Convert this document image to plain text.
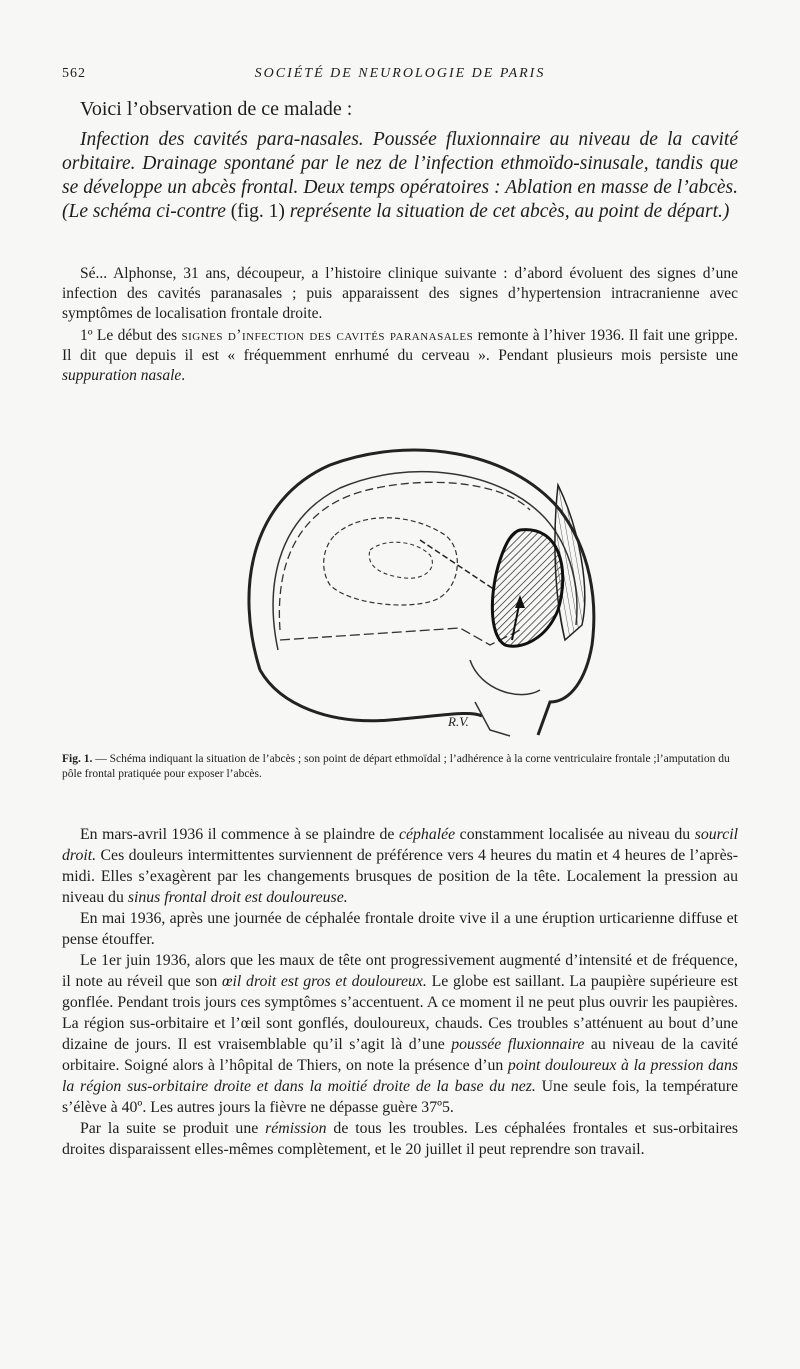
562	SOCIÉTÉ DE NEUROLOGIE DE PARIS
Voici l’observation de ce malade :

Infection des cavités para-nasales. Poussée fluxionnaire au niveau de la cavité orbitaire. Drainage spontané par le nez de l’infection ethmoïdo-sinusale, tandis que se développe un abcès frontal. Deux temps opératoires : Ablation en masse de l’abcès. (Le schéma ci-contre (fig. 1) représente la situation de cet abcès, au point de départ.)

Sé... Alphonse, 31 ans, découpeur, a l’histoire clinique suivante : d’abord évoluent des signes d’une infection des cavités paranasales ; puis apparaissent des signes d’hypertension intracranienne avec symptômes de localisation frontale droite.

1º Le début des signes d’infection des cavités paranasales remonte à l’hiver 1936. Il fait une grippe. Il dit que depuis il est « fréquemment enrhumé du cerveau ». Pendant plusieurs mois persiste une suppuration nasale.

R.V.

Fig. 1. — Schéma indiquant la situation de l’abcès ; son point de départ ethmoïdal ; l’adhérence à la corne ventriculaire frontale ;l’amputation du pôle frontal pratiquée pour exposer l’abcès.

En mars-avril 1936 il commence à se plaindre de céphalée constamment localisée au niveau du sourcil droit. Ces douleurs intermittentes surviennent de préférence vers 4 heures du matin et 4 heures de l’après-midi. Elles s’exagèrent par les changements brusques de position de la tête. Localement la pression au niveau du sinus frontal droit est douloureuse.

En mai 1936, après une journée de céphalée frontale droite vive il a une éruption urticarienne diffuse et pense étouffer.

Le 1er juin 1936, alors que les maux de tête ont progressivement augmenté d’intensité et de fréquence, il note au réveil que son œil droit est gros et douloureux. Le globe est saillant. La paupière supérieure est gonflée. Pendant trois jours ces symptômes s’accentuent. A ce moment il ne peut plus ouvrir les paupières. La région sus-orbitaire et l’œil sont gonflés, douloureux, chauds. Ces troubles s’atténuent au bout d’une dizaine de jours. Il est vraisemblable qu’il s’agit là d’une poussée fluxionnaire au niveau de la cavité orbitaire. Soigné alors à l’hôpital de Thiers, on note la présence d’un point douloureux à la pression dans la région sus-orbitaire droite et dans la moitié droite de la base du nez. Une seule fois, la température s’élève à 40º. Les autres jours la fièvre ne dépasse guère 37º5.

Par la suite se produit une rémission de tous les troubles. Les céphalées frontales et sus-orbitaires droites disparaissent elles-mêmes complètement, et le 20 juillet il peut reprendre son travail.
